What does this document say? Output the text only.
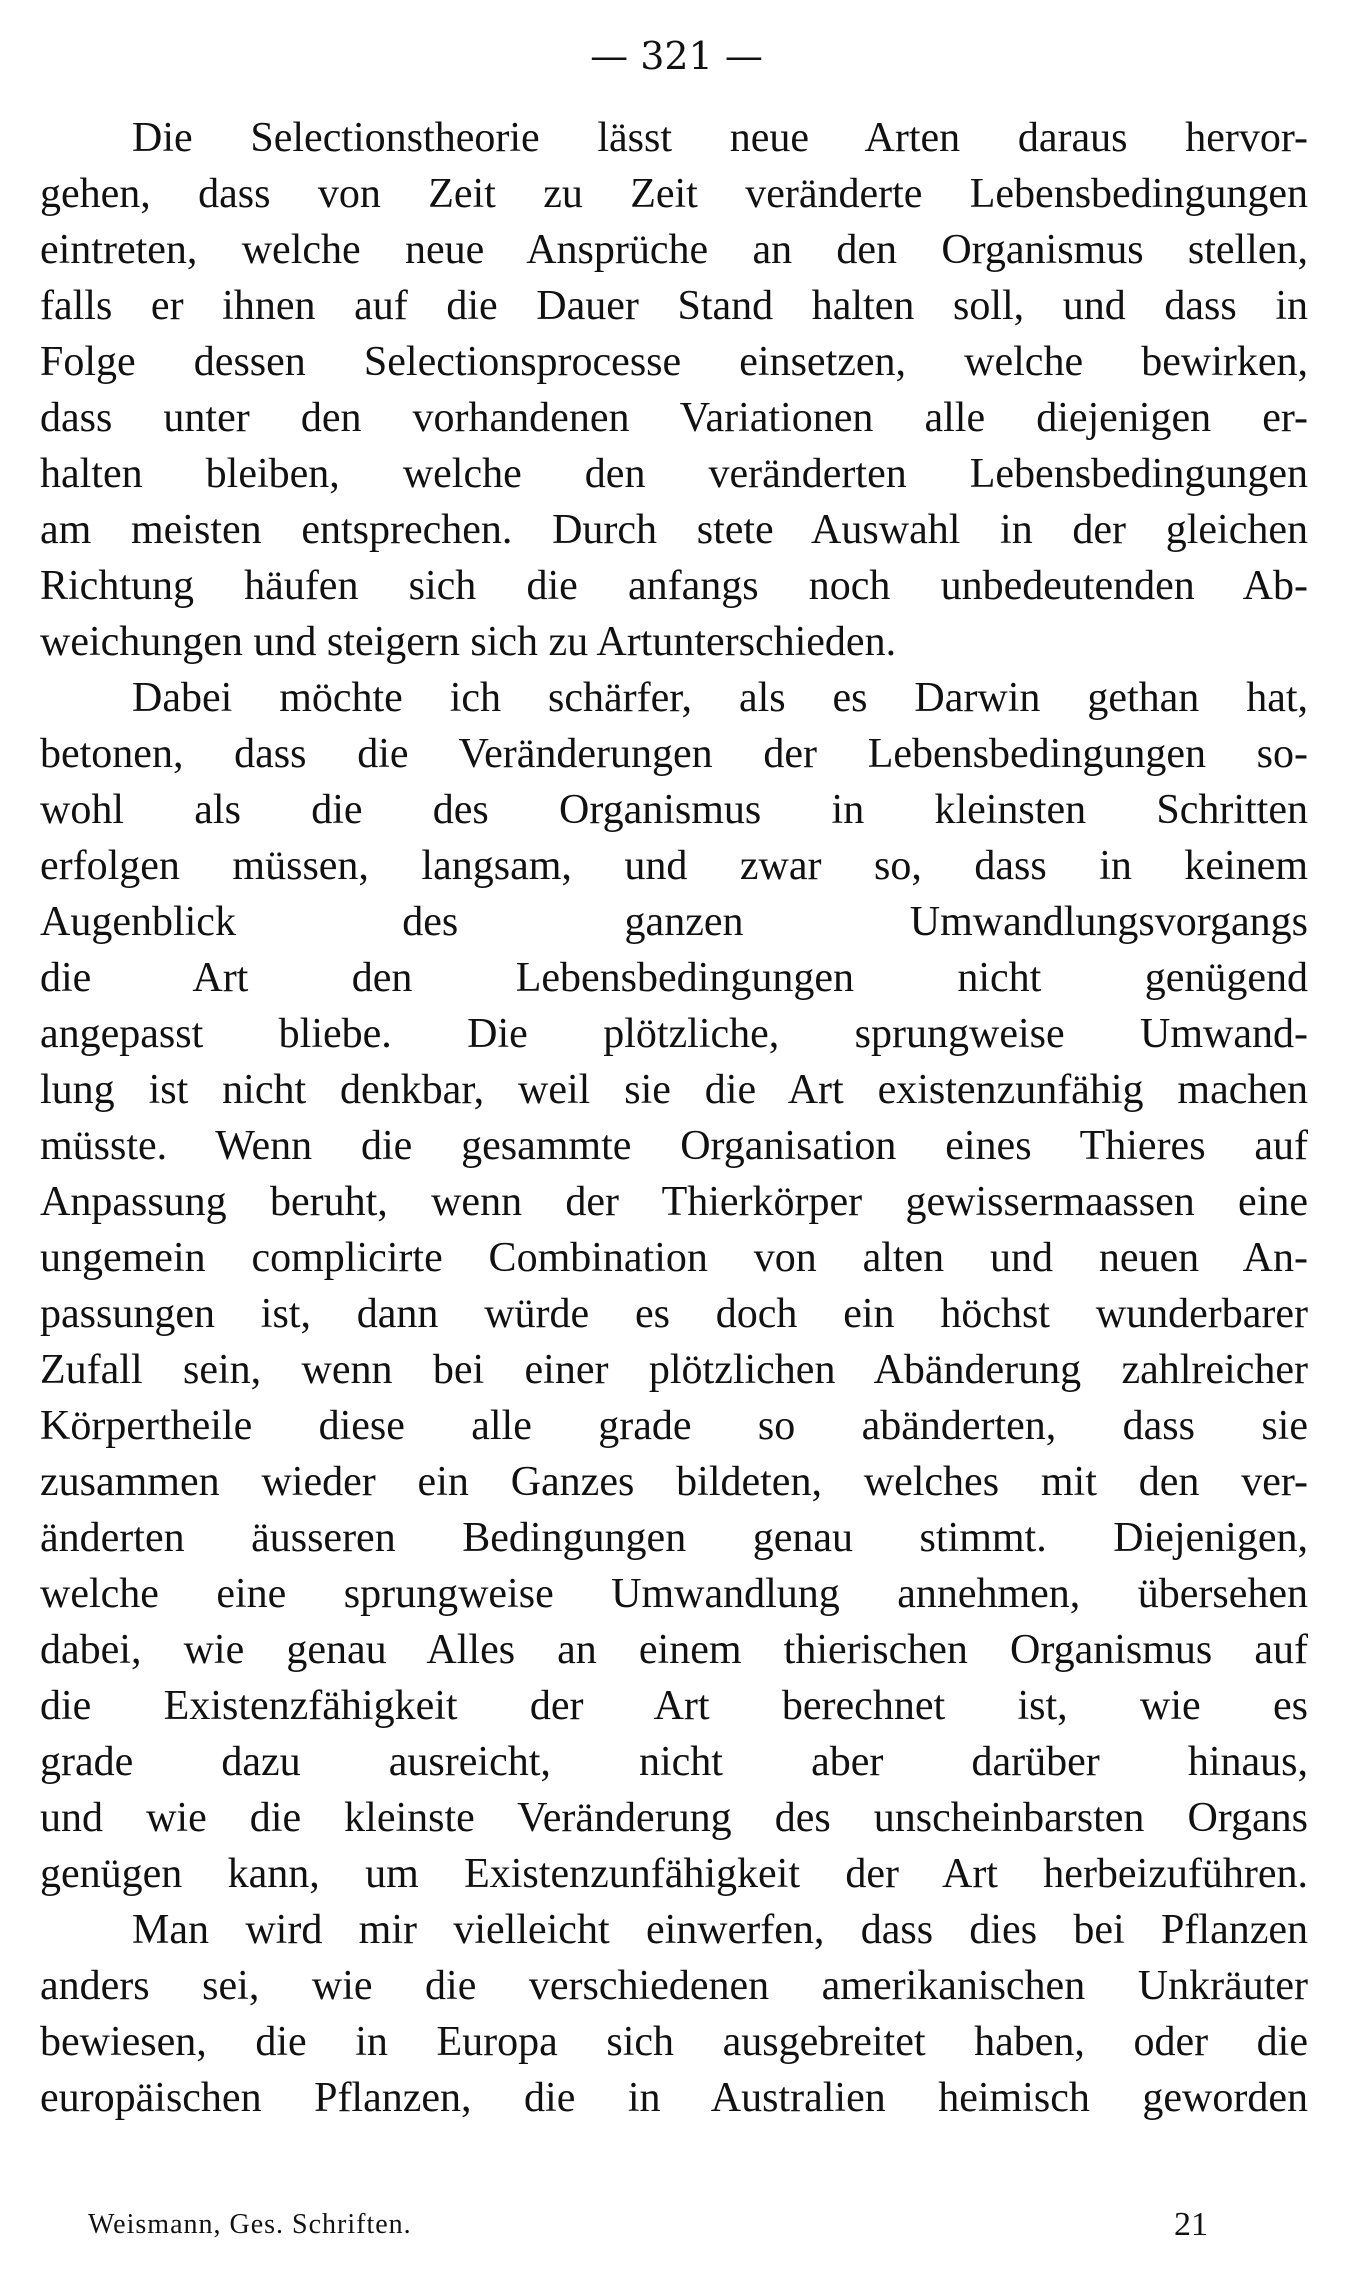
— 321 —
Die Selectionstheorie lässt neue Arten daraus hervor-
gehen, dass von Zeit zu Zeit veränderte Lebensbedingungen
eintreten, welche neue Ansprüche an den Organismus stellen,
falls er ihnen auf die Dauer Stand halten soll, und dass in
Folge dessen Selectionsprocesse einsetzen, welche bewirken,
dass unter den vorhandenen Variationen alle diejenigen er-
halten bleiben, welche den veränderten Lebensbedingungen
am meisten entsprechen. Durch stete Auswahl in der gleichen
Richtung häufen sich die anfangs noch unbedeutenden Ab-
weichungen und steigern sich zu Artunterschieden.
Dabei möchte ich schärfer, als es Darwin gethan hat,
betonen, dass die Veränderungen der Lebensbedingungen so-
wohl als die des Organismus in kleinsten Schritten
erfolgen müssen, langsam, und zwar so, dass in keinem
Augenblick des ganzen Umwandlungsvorgangs
die Art den Lebensbedingungen nicht genügend
angepasst bliebe. Die plötzliche, sprungweise Umwand-
lung ist nicht denkbar, weil sie die Art existenzunfähig machen
müsste. Wenn die gesammte Organisation eines Thieres auf
Anpassung beruht, wenn der Thierkörper gewissermaassen eine
ungemein complicirte Combination von alten und neuen An-
passungen ist, dann würde es doch ein höchst wunderbarer
Zufall sein, wenn bei einer plötzlichen Abänderung zahlreicher
Körpertheile diese alle grade so abänderten, dass sie
zusammen wieder ein Ganzes bildeten, welches mit den ver-
änderten äusseren Bedingungen genau stimmt. Diejenigen,
welche eine sprungweise Umwandlung annehmen, übersehen
dabei, wie genau Alles an einem thierischen Organismus auf
die Existenzfähigkeit der Art berechnet ist, wie es
grade dazu ausreicht, nicht aber darüber hinaus,
und wie die kleinste Veränderung des unscheinbarsten Organs
genügen kann, um Existenzunfähigkeit der Art herbeizuführen.
Man wird mir vielleicht einwerfen, dass dies bei Pflanzen
anders sei, wie die verschiedenen amerikanischen Unkräuter
bewiesen, die in Europa sich ausgebreitet haben, oder die
europäischen Pflanzen, die in Australien heimisch geworden
Weismann, Ges. Schriften.	21
